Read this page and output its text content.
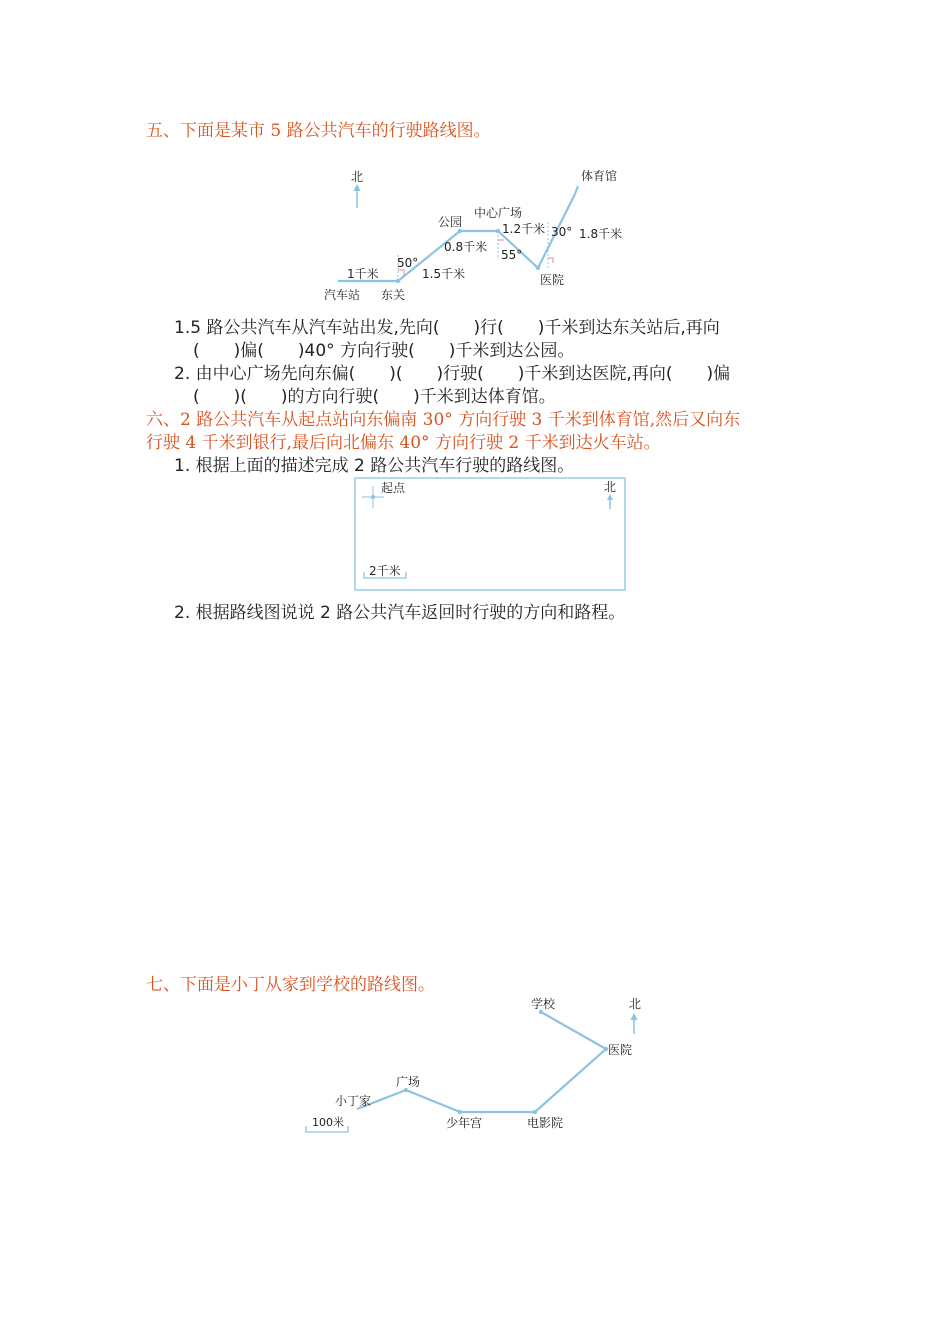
五、下面是某市 5 路公共汽车的行驶路线图。
北
汽车站 东关
公园
中心广场
医院
体育馆
1千米	1.5千米
0.8千米
1.2千米	1.8千米
50°
55°
30°
起点	北
2千米
北
小丁家
广场
少年宫	电影院
医院
学校
100米
1.5 路公共汽车从汽车站出发,先向(　　)行(　　)千米到达东关站后,再向
(　　)偏(　　)40° 方向行驶(　　)千米到达公园。
2. 由中心广场先向东偏(　　)(　　)行驶(　　)千米到达医院,再向(　　)偏
(　　)(　　)的方向行驶(　　)千米到达体育馆。
六、2 路公共汽车从起点站向东偏南 30° 方向行驶 3 千米到体育馆,然后又向东
行驶 4 千米到银行,最后向北偏东 40° 方向行驶 2 千米到达火车站。
1. 根据上面的描述完成 2 路公共汽车行驶的路线图。
2. 根据路线图说说 2 路公共汽车返回时行驶的方向和路程。
七、下面是小丁从家到学校的路线图。
